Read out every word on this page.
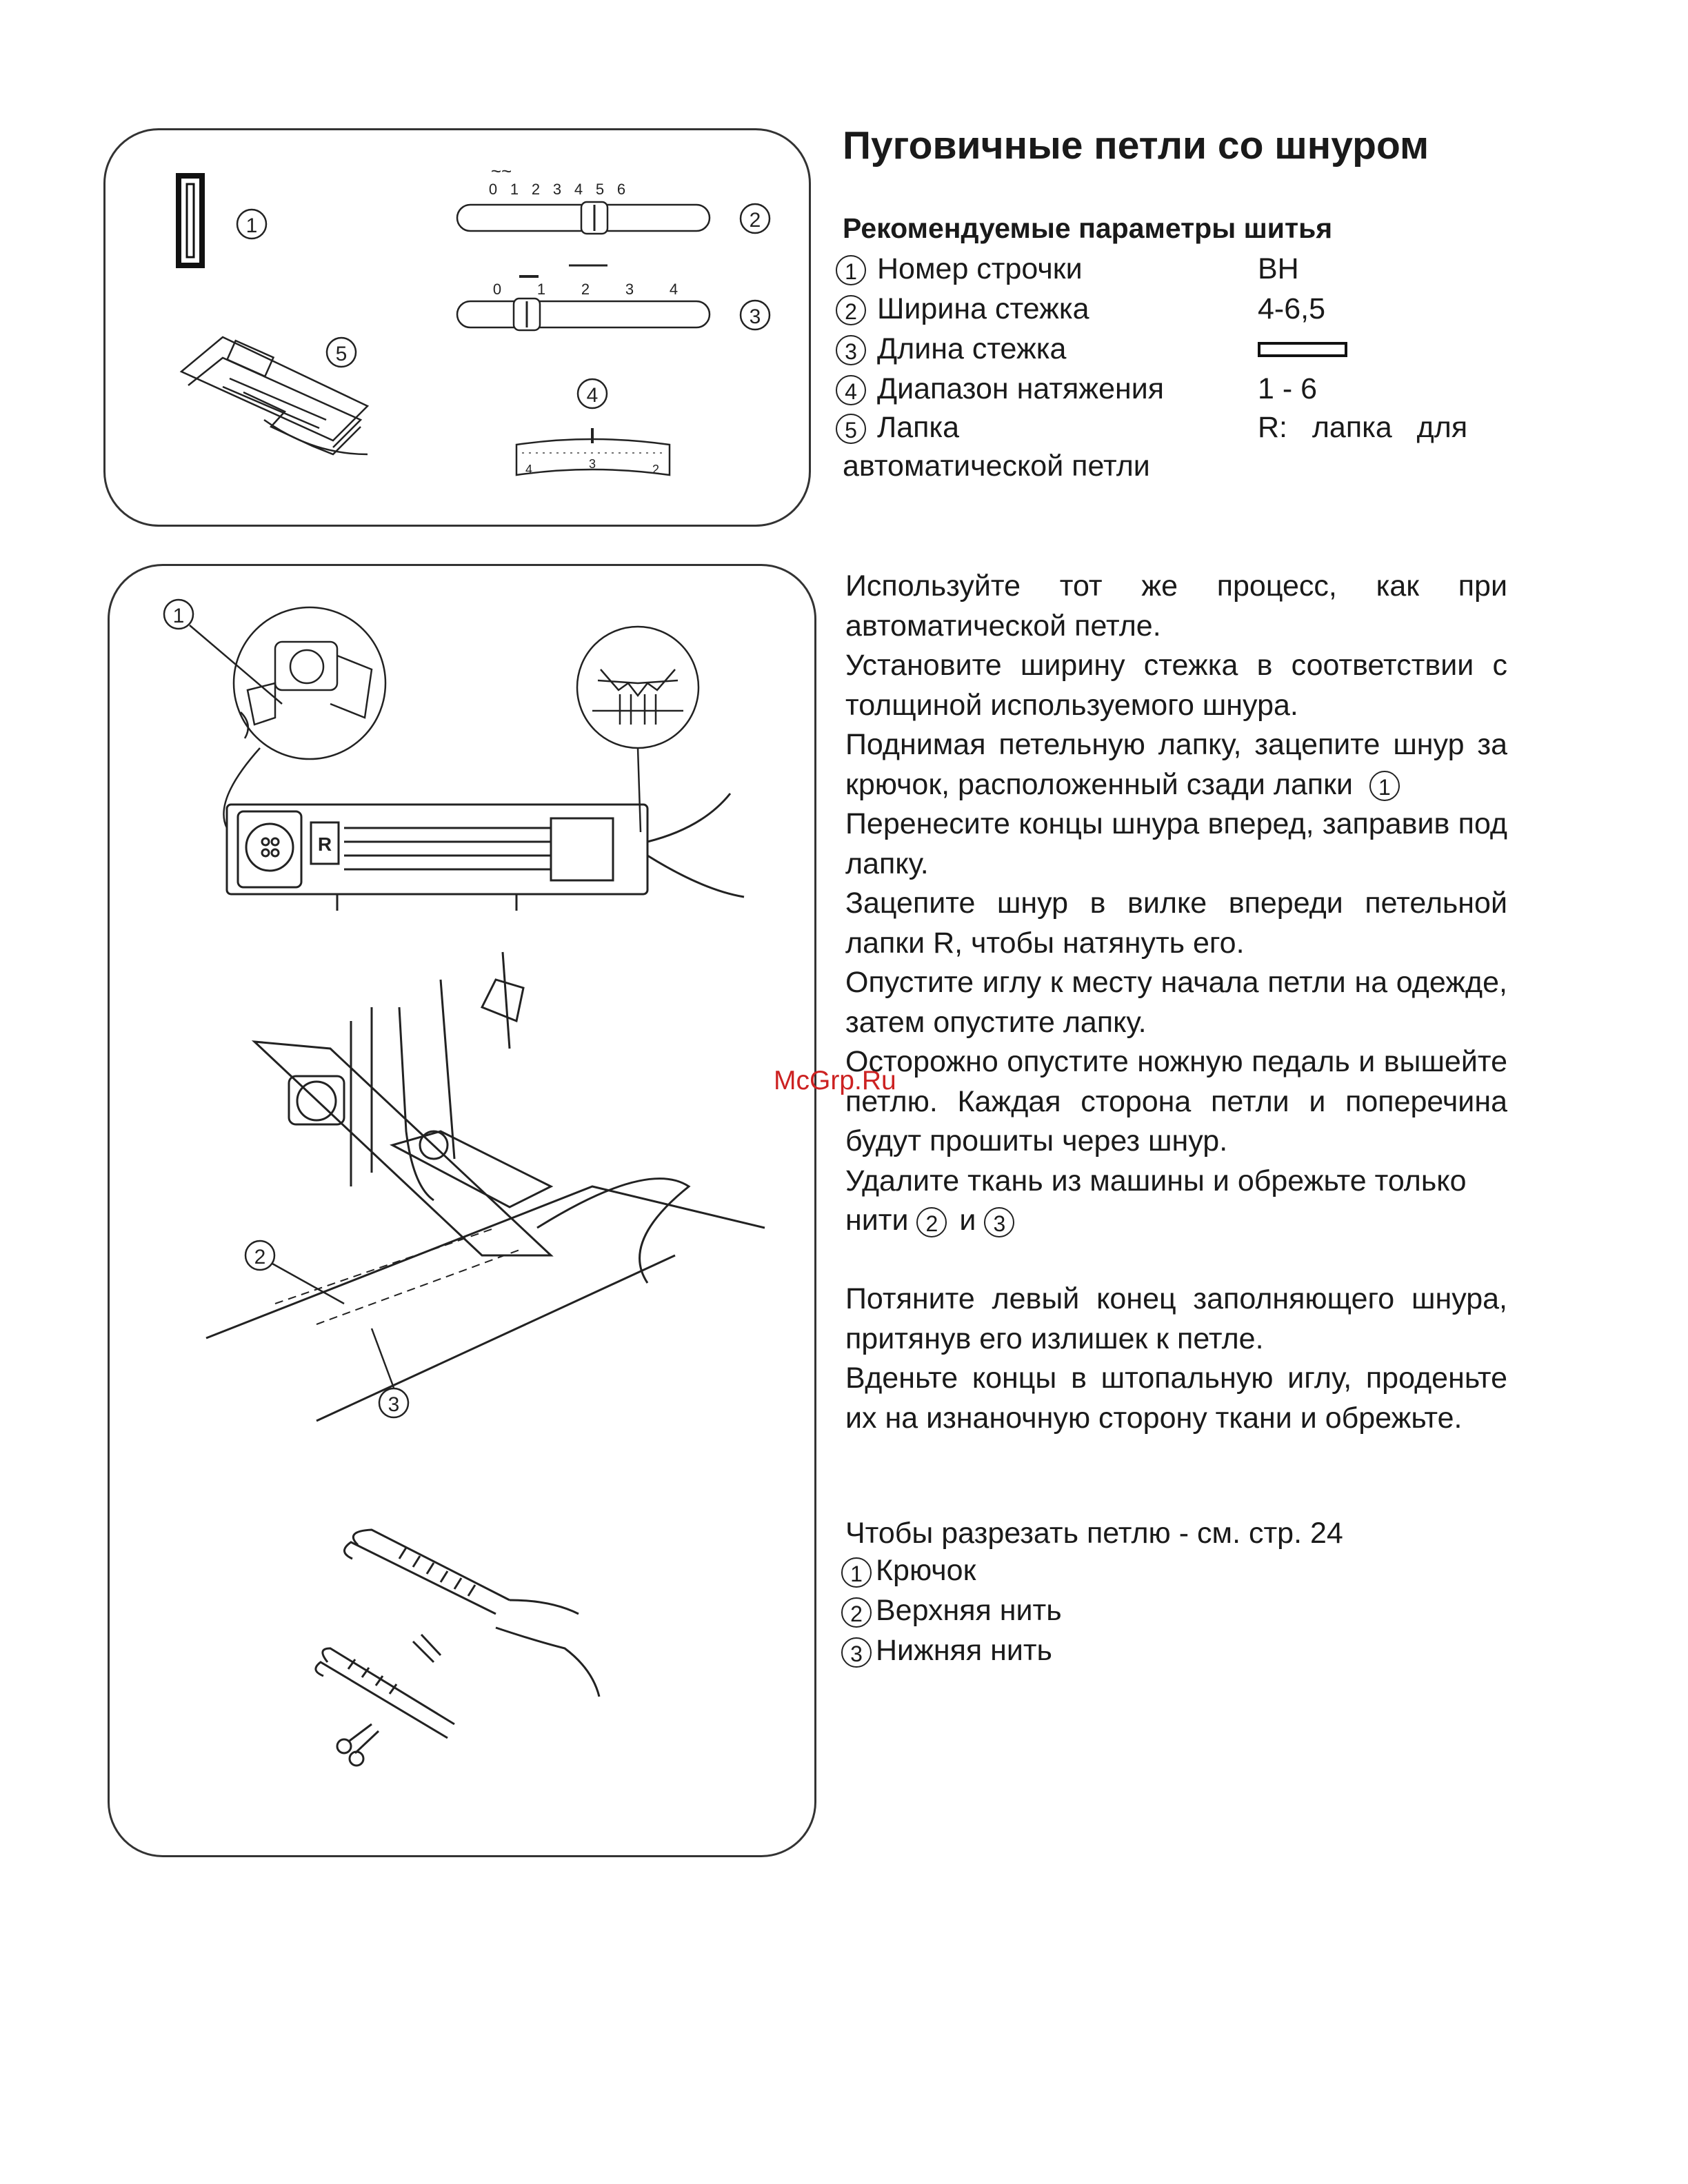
1
~~
0 1 2 3 4 5 6
2
0 1 2 3 4
3
4
4	3	2
5
Пуговичные петли со шнуром
Рекомендуемые параметры шитья
1 Номер строчки	BH
2 Ширина стежка	4-6,5
3 Длина стежка
4 Диапазон натяжения	1 - 6
5 Лапка	R:   лапка   для
автоматической петли
1
R
2
3

Используйте тот же процесс, как при автоматической петле.

Установите ширину стежка в соответствии с толщиной используемого шнура.

Поднимая петельную лапку, зацепите шнур за крючок, расположенный сзади лапки 1

Перенесите концы шнура вперед, заправив под лапку.

Зацепите шнур в вилке впереди петельной лапки R, чтобы натянуть его.

Опустите иглу к месту начала петли на одежде, затем опустите лапку.

Осторожно опустите ножную педаль и вышейте петлю. Каждая сторона петли и поперечина будут прошиты через шнур.

Удалите ткань из машины и обрежьте только нити 2 и 3

Потяните левый конец заполняющего шнура, притянув его излишек к петле.

Вденьте концы в штопальную иглу, проденьте их на изнаночную сторону ткани и обрежьте.

Чтобы разрезать петлю - см. стр. 24
1 Крючок
2 Верхняя нить
3 Нижняя нить
McGrp.Ru
